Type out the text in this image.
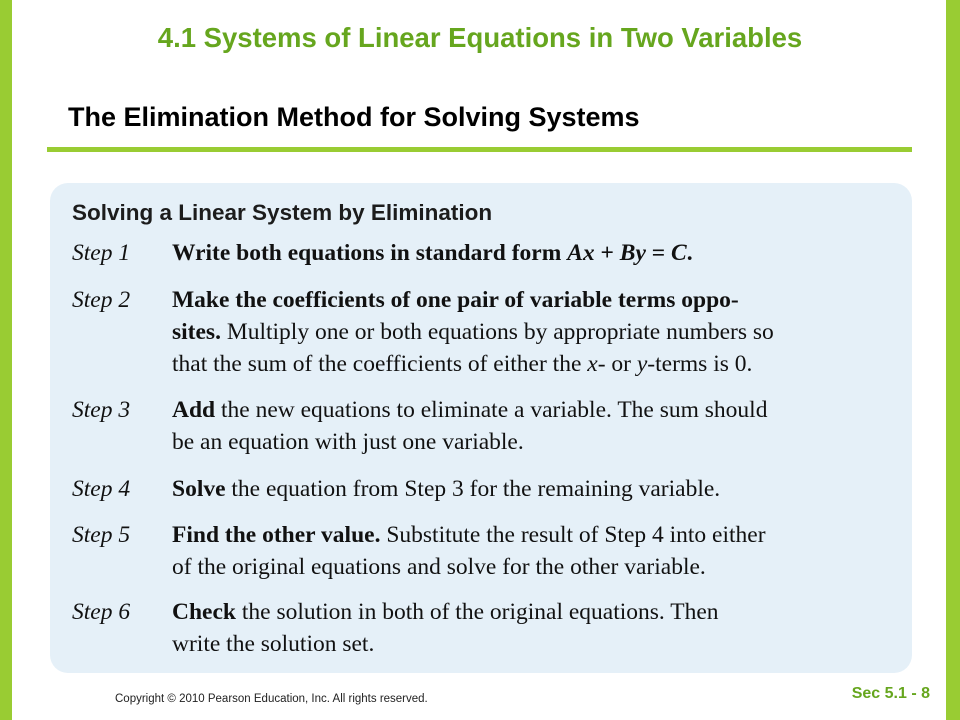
4.1 Systems of Linear Equations in Two Variables
The Elimination Method for Solving Systems
Solving a Linear System by Elimination
Step 1 Write both equations in standard form Ax + By = C.
Step 2 Make the coefficients of one pair of variable terms oppo-
sites. Multiply one or both equations by appropriate numbers so
that the sum of the coefficients of either the x- or y-terms is 0.
Step 3 Add the new equations to eliminate a variable. The sum should
be an equation with just one variable.
Step 4 Solve the equation from Step 3 for the remaining variable.
Step 5 Find the other value. Substitute the result of Step 4 into either
of the original equations and solve for the other variable.
Step 6 Check the solution in both of the original equations. Then
write the solution set.
Copyright © 2010 Pearson Education, Inc. All rights reserved.	Sec 5.1 - 8
